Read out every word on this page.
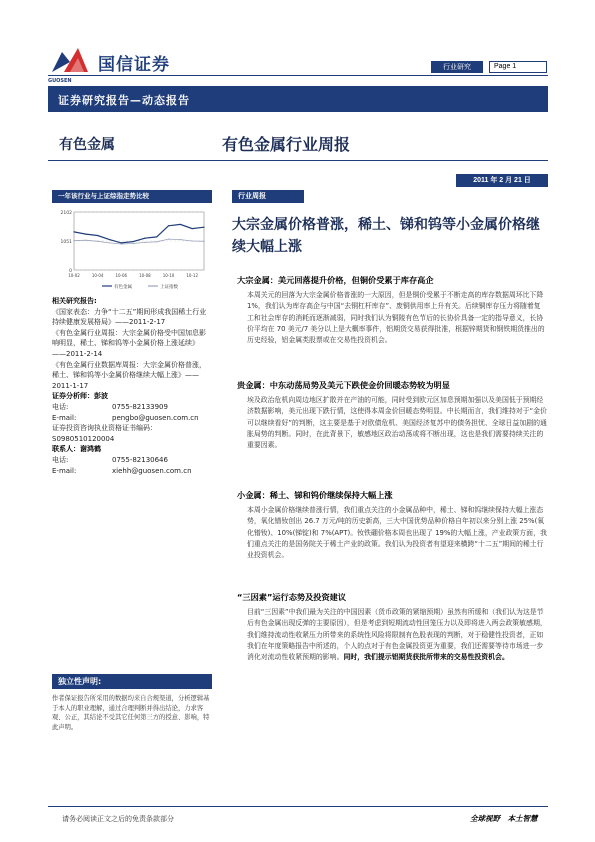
国信证券
GUOSEN
行业研究	Page 1
证券研究报告—动态报告
有色金属	有色金属行业周报
2011 年 2 月 21 日
一年该行业与上证综指走势比较
2102
1051
0
10-02	10-04	10-06	10-08	10-10	10-12
有色金属	上证指数
相关研究报告:
《国家表态：力争“十二五”期间形成我国稀土行业持续健康发展格局》——2011-2-17
《有色金属行业周报：大宗金属价格受中国加息影响明显，稀土、锑和钨等小金属价格上涨延续》——2011-2-14
《有色金属行业数据库周报：大宗金属价格普涨，稀土、锑和钨等小金属价格继续大幅上涨》——2011-1-17
证券分析师：彭波
电话:	0755-82133909
E-mail:	pengbo@guosen.com.cn
证券投资咨询执业资格证书编码：S0980510120004
联系人：谢鸿鹤
电话:	0755-82130646
E-mail:	xiehh@guosen.com.cn
独立性声明:
作者保证报告所采用的数据均来自合规渠道，分析逻辑基于本人的职业理解，通过合理判断并得出结论，力求客观、公正，其结论不受其它任何第三方的授意、影响，特此声明。
行业周报
大宗金属价格普涨，稀土、锑和钨等小金属价格继续大幅上涨
大宗金属：美元回落提升价格，但铜价受累于库存高企

本周关元的回落为大宗金属价格普涨的一大原因，但是铜价受累于不断走高的库存数据周环比下降 1%，我们认为库存高企与中国“去铜杠杆库存”、废铜供用率上升有关。后续铜库存压力将随着复工和社会库存的消耗而逐渐减弱，同时我们认为铜陵有色节后的长协价具备一定的指导意义，长协价平均在 70 美元/7 美分以上是大概率事件，铝期货交易获得批准，根据锌期货和钢铁期货推出的历史经验，铝金属类股票或在交易性投资机会。

贵金属：中东动荡局势及美元下跌使金价回暖态势较为明显

埃及政治危机向周边地区扩散并在产油的可能，同时受到欧元区加息预期加强以及美国低于预期经济数据影响，美元出现下跌行情，这使得本周金价回暖态势明显。中长期而言，我们维持对于“金价可以继续看好”的判断，这主要是基于对欧债危机、美国经济复苏中的债务担忧、全球日益加剧的通胀局势的判断。同时，在此背景下，敏感地区政治动荡或将不断出现，这也是我们需要持续关注的重要因素。

小金属：稀土、锑和钨价继续保持大幅上涨

本周小金属价格继续普涨行情，我们重点关注的小金属品种中，稀土、锑和钨继续保持大幅上涨态势，氧化镨钕创出 26.7 万元/吨的历史新高，三大中国优势品种价格自年初以来分别上涨 25%(氧化镨钕)、10%(锑锭)和 7%(APT)。钕铁硼价格本周也出现了 19%的大幅上涨，产业政策方面，我们重点关注的是国务院关于稀土产业的政策。我们认为投资者有望迎来横跨“十二五”期间的稀土行业投资机会。

“三因素”运行态势及投资建议

目前“三因素”中我们最为关注的中国因素（货币政策的紧缩预期）虽然有所缓和（我们认为这是节后有色金属出现反弹的主要原因），但是考虑到短期流动性回笼压力以及即将进入两会政策敏感期，我们维持流动性收紧压力所带来的系统性风险将限制有色股表现的判断，对于稳健性投资者，正如我们在年度策略报告中所述的，个人的点对于有色金属投资更为重要，我们还需要等待市场进一步消化对流动性收紧预期的影响。同时，我们提示铝期货获批所带来的交易性投资机会。

请务必阅读正文之后的免责条款部分	全球视野　本土智慧
